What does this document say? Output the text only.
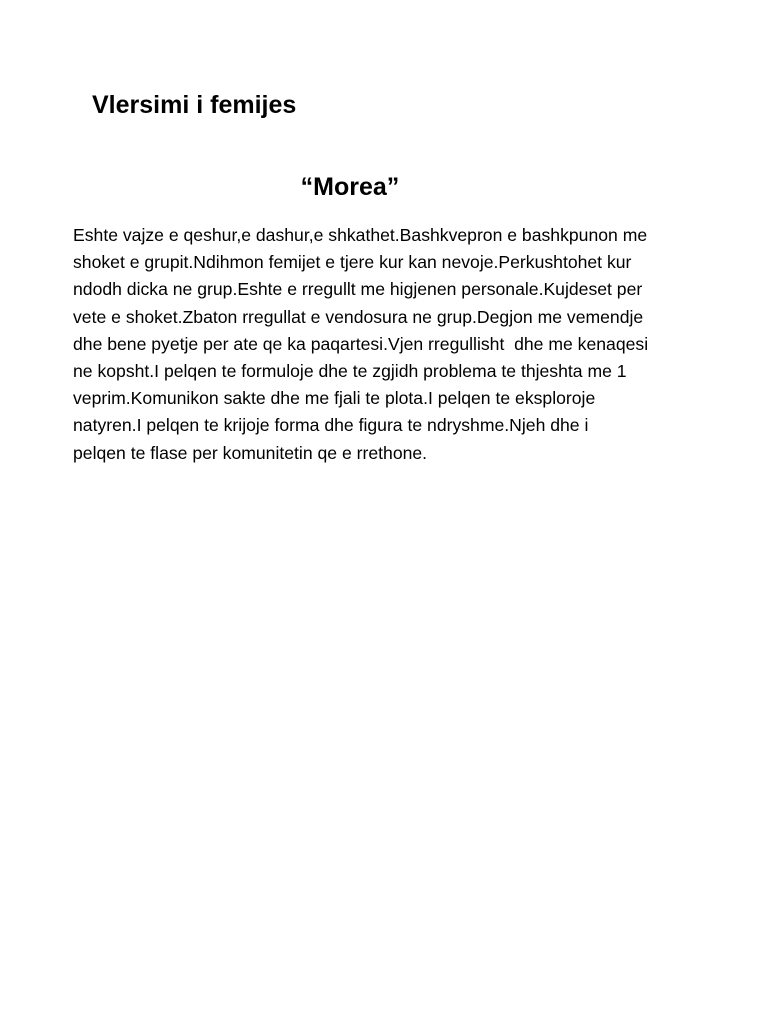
Vlersimi i femijes
“Morea”

Eshte vajze e qeshur,e dashur,e shkathet.Bashkvepron e bashkpunon me
shoket e grupit.Ndihmon femijet e tjere kur kan nevoje.Perkushtohet kur
ndodh dicka ne grup.Eshte e rregullt me higjenen personale.Kujdeset per
vete e shoket.Zbaton rregullat e vendosura ne grup.Degjon me vemendje
dhe bene pyetje per ate qe ka paqartesi.Vjen rregullisht  dhe me kenaqesi
ne kopsht.I pelqen te formuloje dhe te zgjidh problema te thjeshta me 1
veprim.Komunikon sakte dhe me fjali te plota.I pelqen te eksploroje
natyren.I pelqen te krijoje forma dhe figura te ndryshme.Njeh dhe i
pelqen te flase per komunitetin qe e rrethone.
